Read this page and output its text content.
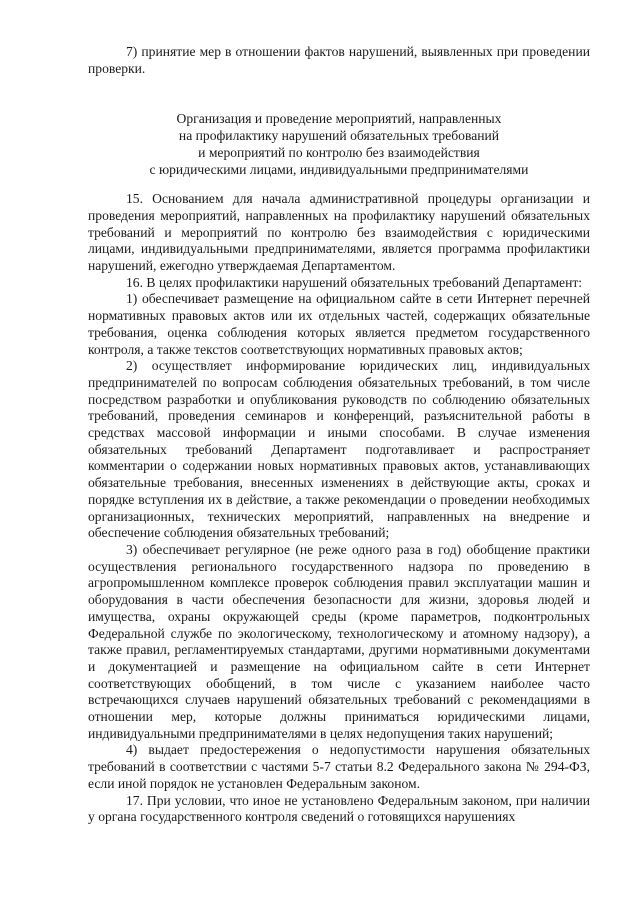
7) принятие мер в отношении фактов нарушений, выявленных при проведении проверки.

Организация и проведение мероприятий, направленных

на профилактику нарушений обязательных требований

и мероприятий по контролю без взаимодействия

с юридическими лицами, индивидуальными предпринимателями

15. Основанием для начала административной процедуры организации и проведения мероприятий, направленных на профилактику нарушений обязательных требований и мероприятий по контролю без взаимодействия с юридическими лицами, индивидуальными предпринимателями, является программа профилактики нарушений, ежегодно утверждаемая Департаментом.

16. В целях профилактики нарушений обязательных требований Департамент:

1) обеспечивает размещение на официальном сайте в сети Интернет перечней нормативных правовых актов или их отдельных частей, содержащих обязательные требования, оценка соблюдения которых является предметом государственного контроля, а также текстов соответствующих нормативных правовых актов;

2) осуществляет информирование юридических лиц, индивидуальных предпринимателей по вопросам соблюдения обязательных требований, в том числе посредством разработки и опубликования руководств по соблюдению обязательных требований, проведения семинаров и конференций, разъяснительной работы в средствах массовой информации и иными способами. В случае изменения обязательных требований Департамент подготавливает и распространяет комментарии о содержании новых нормативных правовых актов, устанавливающих обязательные требования, внесенных изменениях в действующие акты, сроках и порядке вступления их в действие, а также рекомендации о проведении необходимых организационных, технических мероприятий, направленных на внедрение и обеспечение соблюдения обязательных требований;

3) обеспечивает регулярное (не реже одного раза в год) обобщение практики осуществления регионального государственного надзора по проведению в агропромышленном комплексе проверок соблюдения правил эксплуатации машин и оборудования в части обеспечения безопасности для жизни, здоровья людей и имущества, охраны окружающей среды (кроме параметров, подконтрольных Федеральной службе по экологическому, технологическому и атомному надзору), а также правил, регламентируемых стандартами, другими нормативными документами и документацией и размещение на официальном сайте в сети Интернет соответствующих обобщений, в том числе с указанием наиболее часто встречающихся случаев нарушений обязательных требований с рекомендациями в отношении мер, которые должны приниматься юридическими лицами, индивидуальными предпринимателями в целях недопущения таких нарушений;

4) выдает предостережения о недопустимости нарушения обязательных требований в соответствии с частями 5-7 статьи 8.2 Федерального закона № 294-ФЗ, если иной порядок не установлен Федеральным законом.

17. При условии, что иное не установлено Федеральным законом, при наличии у органа государственного контроля сведений о готовящихся нарушениях
